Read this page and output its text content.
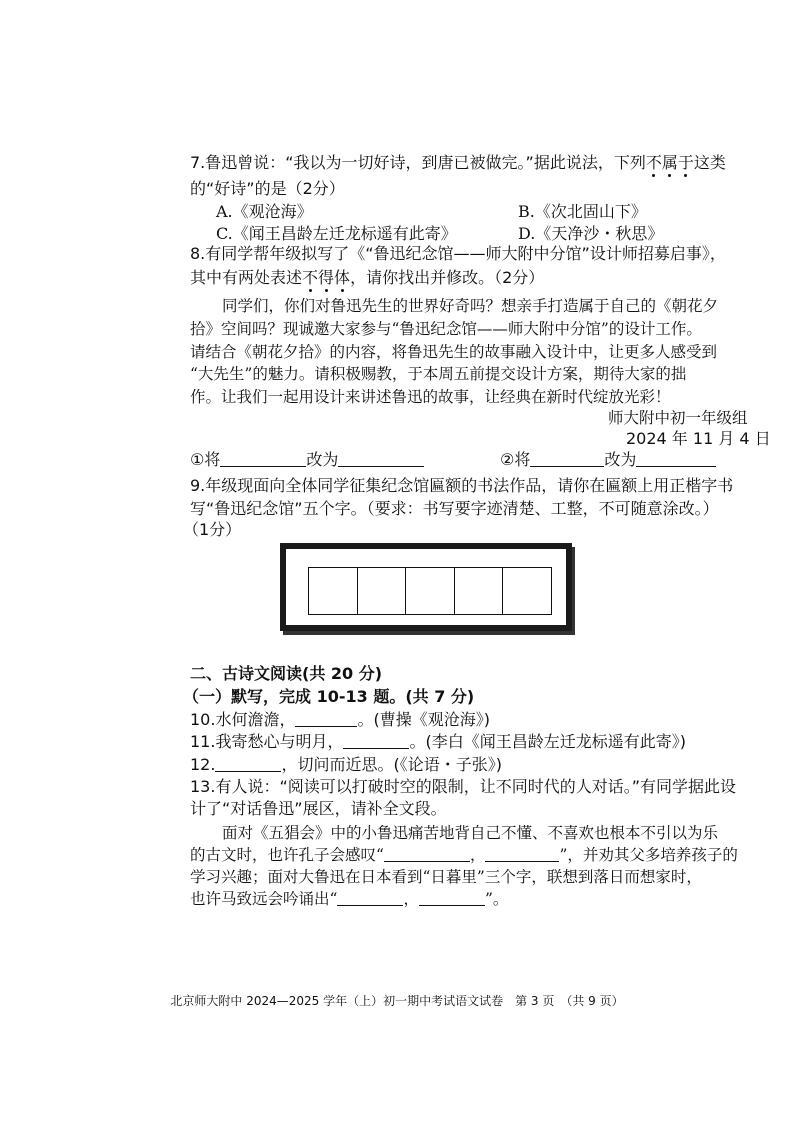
7.鲁迅曾说：“我以为一切好诗，到唐已被做完。”据此说法，下列不属于这类
的“好诗”的是（2分）
A.《观沧海》	B.《次北固山下》
C.《闻王昌龄左迁龙标遥有此寄》	D.《天净沙・秋思》
8.有同学帮年级拟写了《“鲁迅纪念馆——师大附中分馆”设计师招募启事》，
其中有两处表述不得体，请你找出并修改。（2分）
同学们，你们对鲁迅先生的世界好奇吗？想亲手打造属于自己的《朝花夕
拾》空间吗？现诚邀大家参与“鲁迅纪念馆——师大附中分馆”的设计工作。
请结合《朝花夕拾》的内容，将鲁迅先生的故事融入设计中，让更多人感受到
“大先生”的魅力。请积极赐教，于本周五前提交设计方案，期待大家的拙
作。让我们一起用设计来讲述鲁迅的故事，让经典在新时代绽放光彩！
师大附中初一年级组
2024 年 11 月 4 日
①将	改为	②将	改为
9.年级现面向全体同学征集纪念馆匾额的书法作品，请你在匾额上用正楷字书
写“鲁迅纪念馆”五个字。（要求：书写要字迹清楚、工整，不可随意涂改。）
（1分）
二、古诗文阅读(共 20 分)
（一）默写，完成 10-13 题。(共 7 分)
10.水何澹澹，	。(曹操《观沧海》)
11.我寄愁心与明月，	。(李白《闻王昌龄左迁龙标遥有此寄》)
12.	，切问而近思。(《论语・子张》)
13.有人说：“阅读可以打破时空的限制，让不同时代的人对话。”有同学据此设
计了“对话鲁迅”展区，请补全文段。
面对《五猖会》中的小鲁迅痛苦地背自己不懂、不喜欢也根本不引以为乐
的古文时，也许孔子会感叹“	，	”，并劝其父多培养孩子的
学习兴趣；面对大鲁迅在日本看到“日暮里”三个字，联想到落日而想家时，
也许马致远会吟诵出“	，	”。
北京师大附中 2024—2025 学年（上）初一期中考试语文试卷　第 3 页　（共 9 页）
